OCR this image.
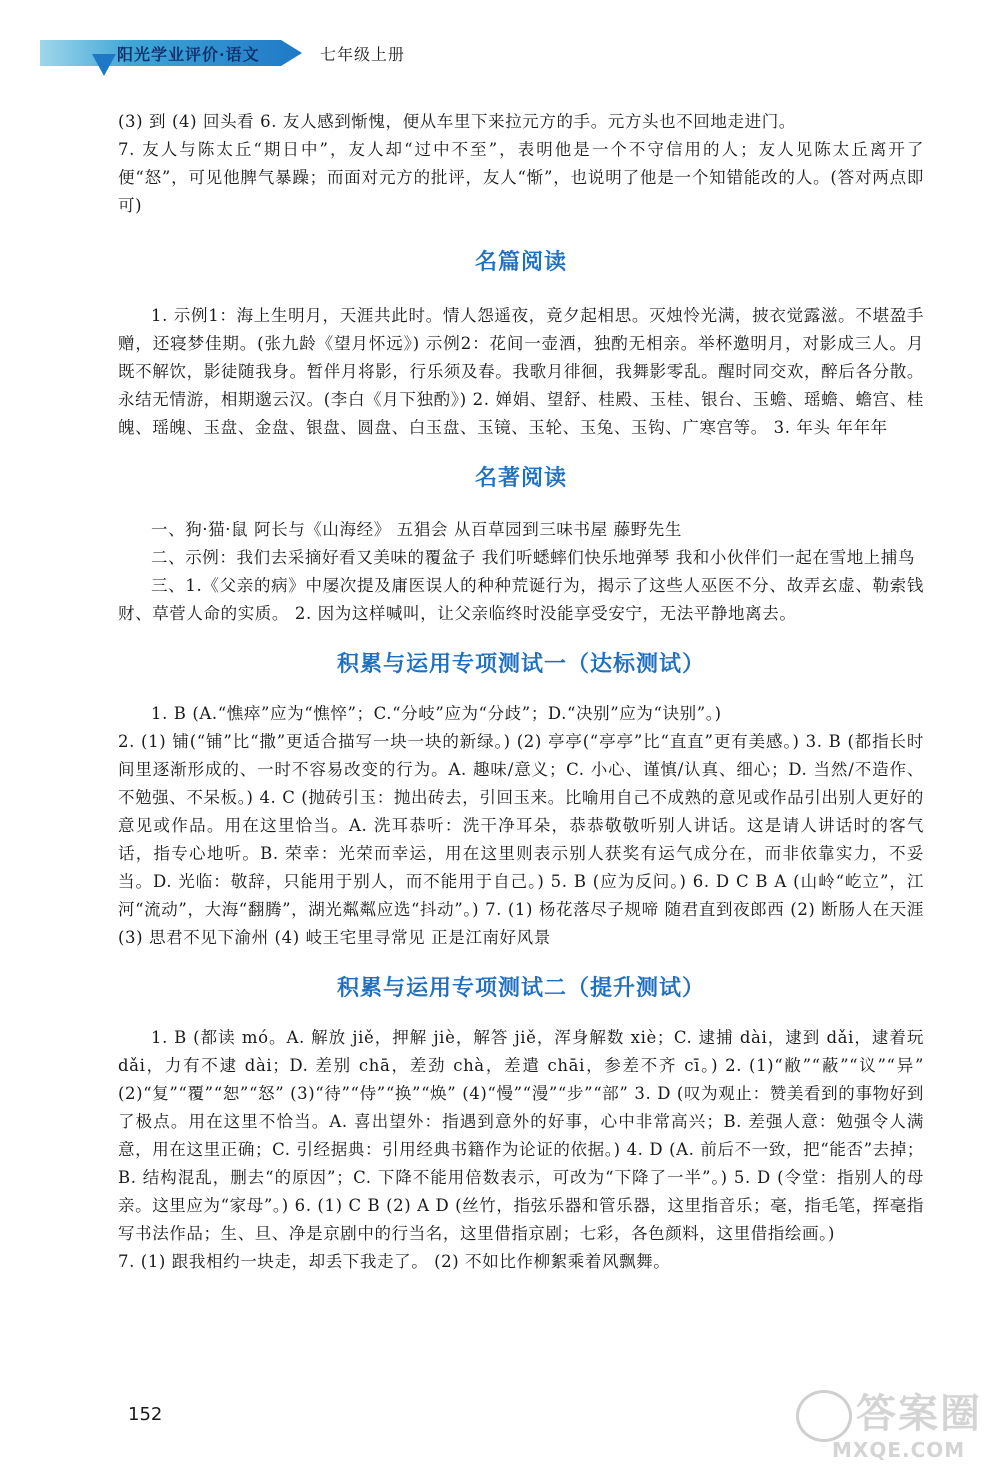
阳光学业评价·语文	七年级上册

(3) 到 (4) 回头看 6. 友人感到惭愧，便从车里下来拉元方的手。元方头也不回地走进门。

7. 友人与陈太丘“期日中”，友人却“过中不至”，表明他是一个不守信用的人；友人见陈太丘离开了便“怒”，可见他脾气暴躁；而面对元方的批评，友人“惭”，也说明了他是一个知错能改的人。(答对两点即可)

名篇阅读

1. 示例1：海上生明月，天涯共此时。情人怨遥夜，竟夕起相思。灭烛怜光满，披衣觉露滋。不堪盈手赠，还寝梦佳期。(张九龄《望月怀远》) 示例2：花间一壶酒，独酌无相亲。举杯邀明月，对影成三人。月既不解饮，影徒随我身。暂伴月将影，行乐须及春。我歌月徘徊，我舞影零乱。醒时同交欢，醉后各分散。永结无情游，相期邈云汉。(李白《月下独酌》) 2. 婵娟、望舒、桂殿、玉桂、银台、玉蟾、瑶蟾、蟾宫、桂魄、瑶魄、玉盘、金盘、银盘、圆盘、白玉盘、玉镜、玉轮、玉兔、玉钩、广寒宫等。 3. 年头 年年年

名著阅读

一、狗·猫·鼠 阿长与《山海经》 五猖会 从百草园到三味书屋 藤野先生

二、示例：我们去采摘好看又美味的覆盆子 我们听蟋蟀们快乐地弹琴 我和小伙伴们一起在雪地上捕鸟

三、1.《父亲的病》中屡次提及庸医误人的种种荒诞行为，揭示了这些人巫医不分、故弄玄虚、勒索钱财、草菅人命的实质。 2. 因为这样喊叫，让父亲临终时没能享受安宁，无法平静地离去。

积累与运用专项测试一（达标测试）

1. B (A.“憔瘁”应为“憔悴”；C.“分岐”应为“分歧”；D.“决别”应为“诀别”。)

2. (1) 铺(“铺”比“撒”更适合描写一块一块的新绿。) (2) 亭亭(“亭亭”比“直直”更有美感。) 3. B (都指长时间里逐渐形成的、一时不容易改变的行为。A. 趣味/意义；C. 小心、谨慎/认真、细心；D. 当然/不造作、不勉强、不呆板。) 4. C (抛砖引玉：抛出砖去，引回玉来。比喻用自己不成熟的意见或作品引出别人更好的意见或作品。用在这里恰当。A. 洗耳恭听：洗干净耳朵，恭恭敬敬听别人讲话。这是请人讲话时的客气话，指专心地听。B. 荣幸：光荣而幸运，用在这里则表示别人获奖有运气成分在，而非依靠实力，不妥当。D. 光临：敬辞，只能用于别人，而不能用于自己。) 5. B (应为反问。) 6. D C B A (山岭“屹立”，江河“流动”，大海“翻腾”，湖光粼粼应选“抖动”。) 7. (1) 杨花落尽子规啼 随君直到夜郎西 (2) 断肠人在天涯 (3) 思君不见下渝州 (4) 岐王宅里寻常见 正是江南好风景

积累与运用专项测试二（提升测试）

1. B (都读 mó。A. 解放 jiě，押解 jiè，解答 jiě，浑身解数 xiè；C. 逮捕 dài，逮到 dǎi，逮着玩 dǎi，力有不逮 dài；D. 差别 chā，差劲 chà，差遣 chāi，参差不齐 cī。) 2. (1)“敝”“蔽”“议”“异” (2)“复”“覆”“恕”“怒” (3)“待”“侍”“换”“焕” (4)“慢”“漫”“步”“部” 3. D (叹为观止：赞美看到的事物好到了极点。用在这里不恰当。A. 喜出望外：指遇到意外的好事，心中非常高兴；B. 差强人意：勉强令人满意，用在这里正确；C. 引经据典：引用经典书籍作为论证的依据。) 4. D (A. 前后不一致，把“能否”去掉；B. 结构混乱，删去“的原因”；C. 下降不能用倍数表示，可改为“下降了一半”。) 5. D (令堂：指别人的母亲。这里应为“家母”。) 6. (1) C B (2) A D (丝竹，指弦乐器和管乐器，这里指音乐；毫，指毛笔，挥毫指写书法作品；生、旦、净是京剧中的行当名，这里借指京剧；七彩，各色颜料，这里借指绘画。)

7. (1) 跟我相约一块走，却丢下我走了。 (2) 不如比作柳絮乘着风飘舞。

152	答案圈
MXQE.COM
